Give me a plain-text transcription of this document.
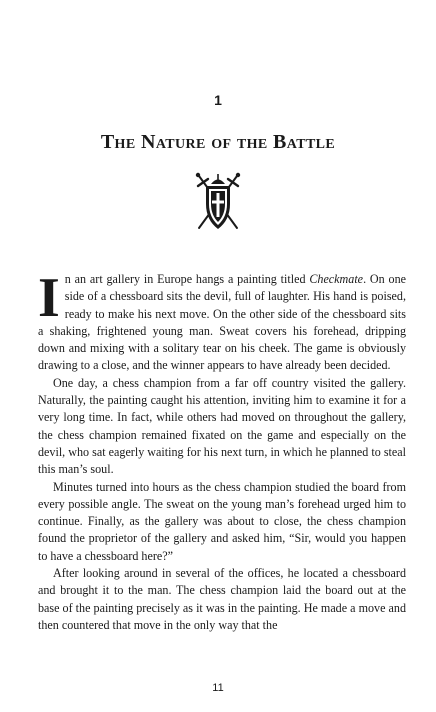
1
The Nature of the Battle

In an art gallery in Europe hangs a painting titled Checkmate. On one side of a chessboard sits the devil, full of laughter. His hand is poised, ready to make his next move. On the other side of the chessboard sits a shaking, frightened young man. Sweat covers his forehead, dripping down and mixing with a solitary tear on his cheek. The game is obviously drawing to a close, and the winner appears to have already been decided.

One day, a chess champion from a far off country visited the gallery. Naturally, the painting caught his attention, inviting him to examine it for a very long time. In fact, while others had moved on throughout the gallery, the chess champion remained fixated on the game and especially on the devil, who sat eagerly waiting for his next turn, in which he planned to steal this man’s soul.

Minutes turned into hours as the chess champion studied the board from every possible angle. The sweat on the young man’s forehead urged him to continue. Finally, as the gallery was about to close, the chess champion found the proprietor of the gallery and asked him, “Sir, would you happen to have a chessboard here?”

After looking around in several of the offices, he located a chessboard and brought it to the man. The chess champion laid the board out at the base of the painting precisely as it was in the painting. He made a move and then countered that move in the only way that the

11
